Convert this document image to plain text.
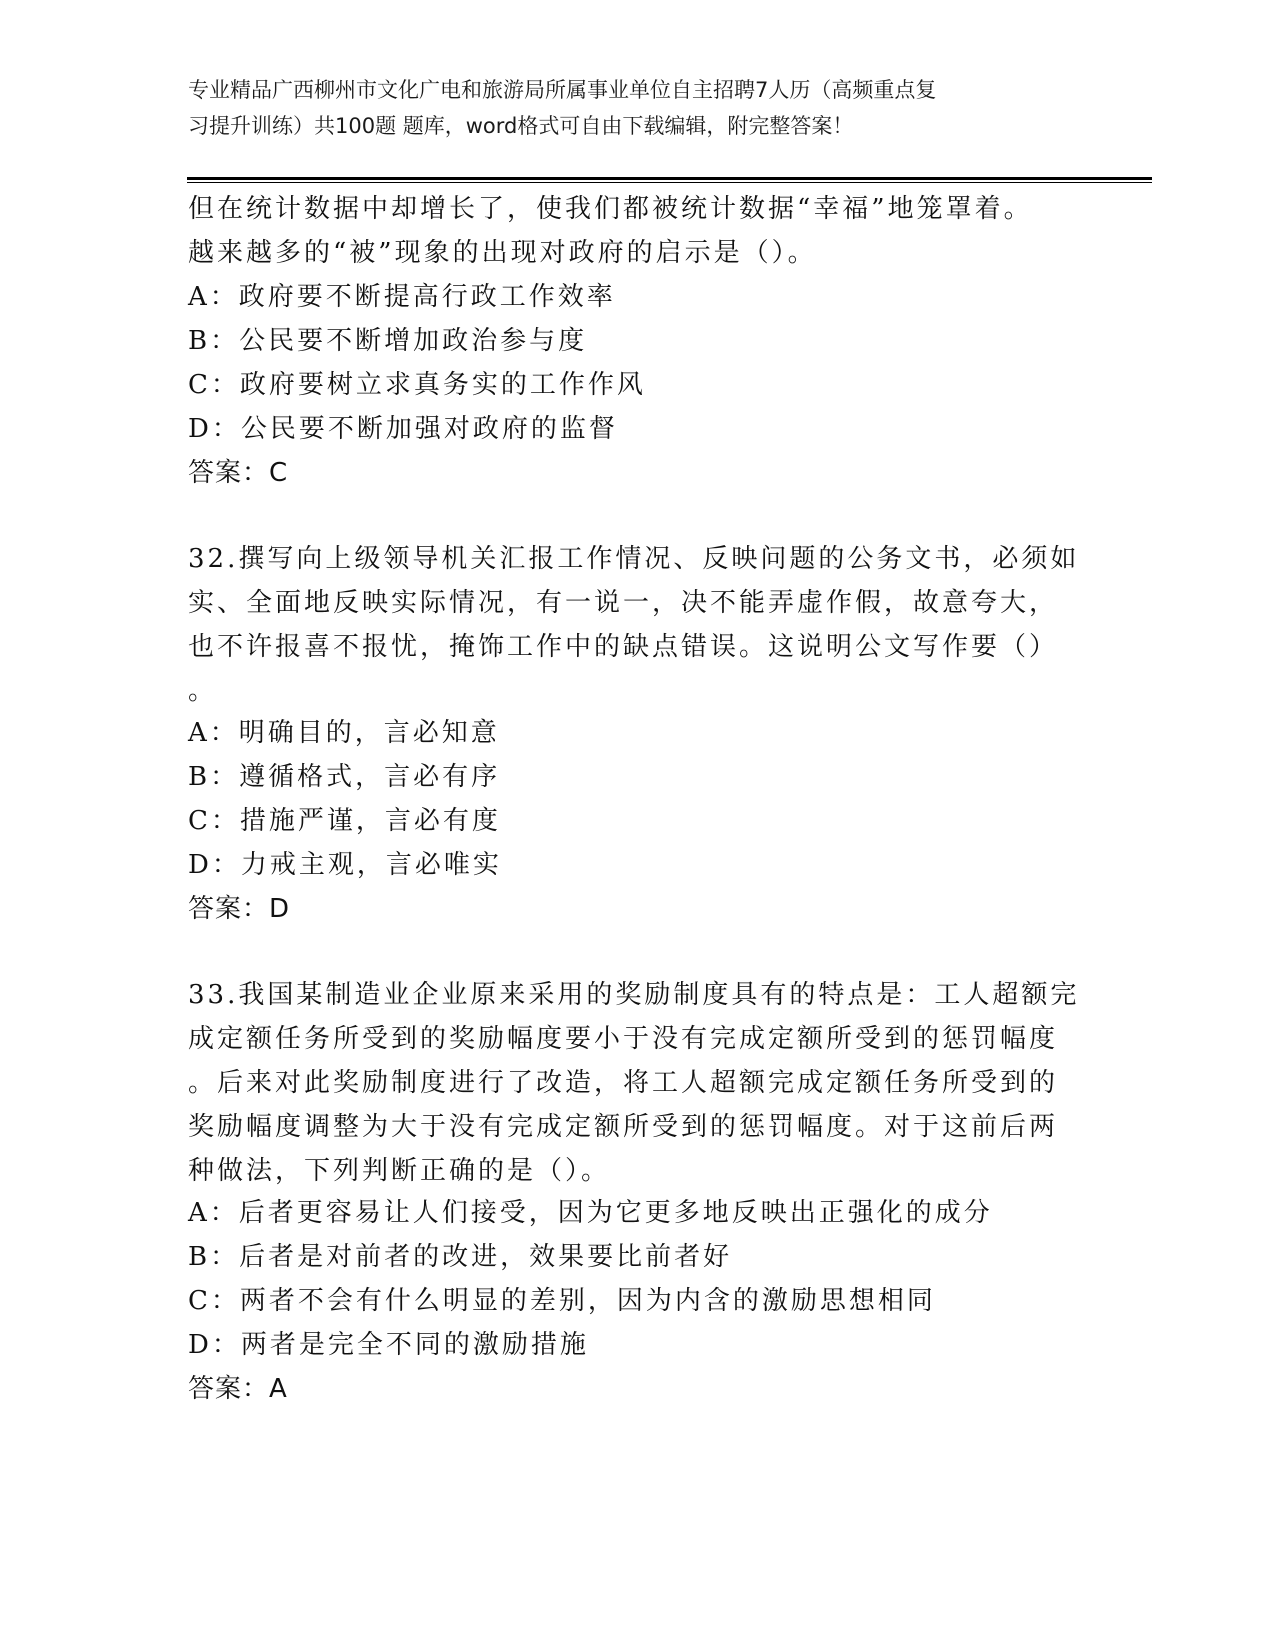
专业精品广西柳州市文化广电和旅游局所属事业单位自主招聘7人历（高频重点复
习提升训练）共100题 题库，word格式可自由下载编辑，附完整答案！
但在统计数据中却增长了，使我们都被统计数据“幸福”地笼罩着。
越来越多的“被”现象的出现对政府的启示是（）。
A：政府要不断提高行政工作效率
B：公民要不断增加政治参与度
C：政府要树立求真务实的工作作风
D：公民要不断加强对政府的监督
答案：C
32.撰写向上级领导机关汇报工作情况、反映问题的公务文书，必须如
实、全面地反映实际情况，有一说一，决不能弄虚作假，故意夸大，
也不许报喜不报忧，掩饰工作中的缺点错误。这说明公文写作要（）
。
A：明确目的，言必知意
B：遵循格式，言必有序
C：措施严谨，言必有度
D：力戒主观，言必唯实
答案：D
33.我国某制造业企业原来采用的奖励制度具有的特点是：工人超额完
成定额任务所受到的奖励幅度要小于没有完成定额所受到的惩罚幅度
。后来对此奖励制度进行了改造，将工人超额完成定额任务所受到的
奖励幅度调整为大于没有完成定额所受到的惩罚幅度。对于这前后两
种做法，下列判断正确的是（）。
A：后者更容易让人们接受，因为它更多地反映出正强化的成分
B：后者是对前者的改进，效果要比前者好
C：两者不会有什么明显的差别，因为内含的激励思想相同
D：两者是完全不同的激励措施
答案：A
